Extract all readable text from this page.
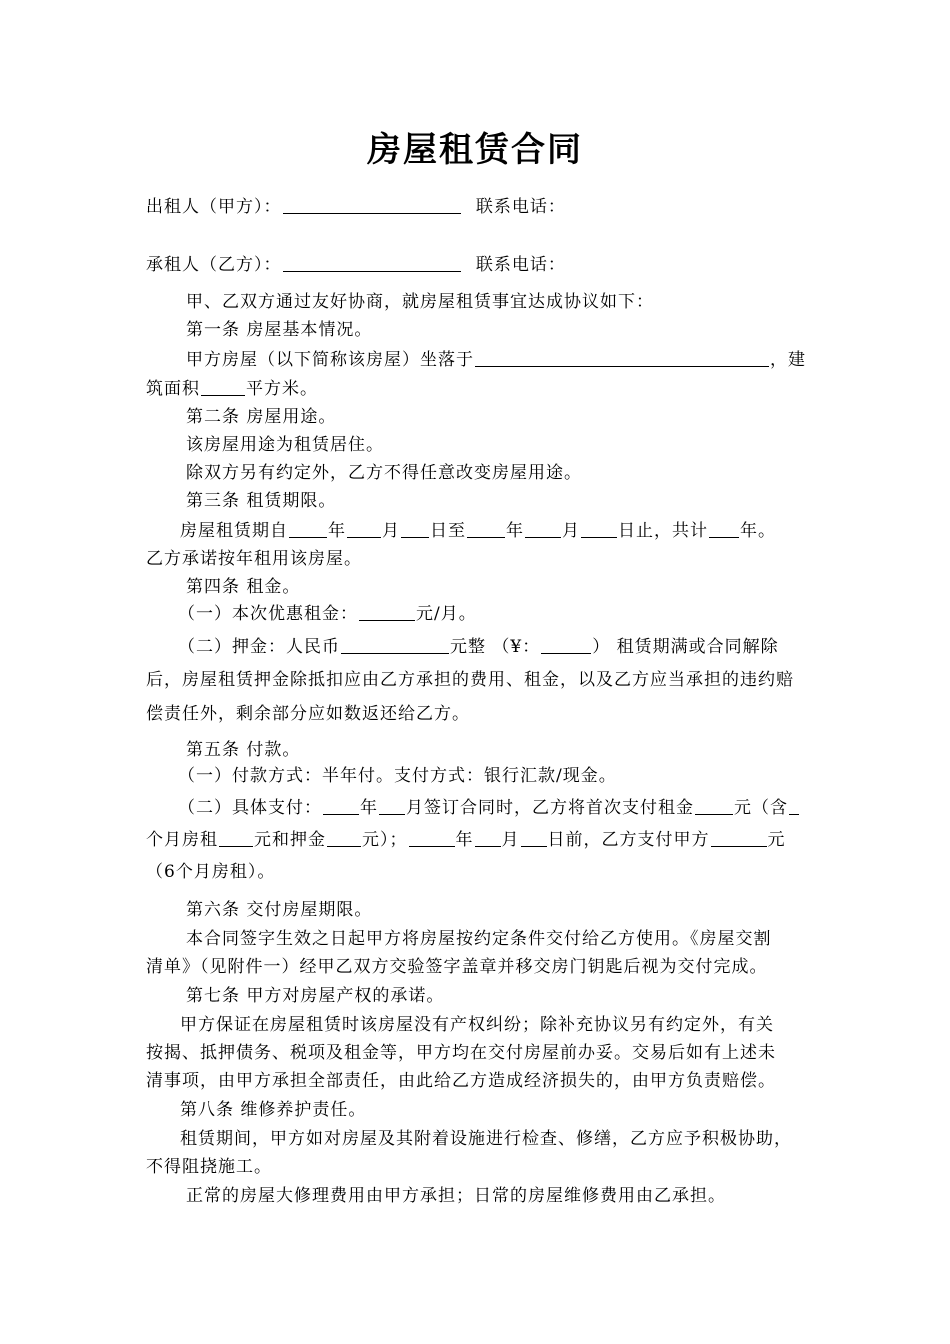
房屋租赁合同
出租人（甲方）：	联系电话：
承租人（乙方）：	联系电话：
甲、乙双方通过友好协商，就房屋租赁事宜达成协议如下：
第一条 房屋基本情况。
甲方房屋（以下简称该房屋）坐落于	，建
筑面积	平方米。
第二条 房屋用途。
该房屋用途为租赁居住。
除双方另有约定外，乙方不得任意改变房屋用途。
第三条 租赁期限。
房屋租赁期自 年 月 日至 年 月 日止，共计 年。
乙方承诺按年租用该房屋。
第四条 租金。
（一）本次优惠租金：	元/月。
（二）押金：人民币	元整 （¥：	） 租赁期满或合同解除
后，房屋租赁押金除抵扣应由乙方承担的费用、租金，以及乙方应当承担的违约赔
偿责任外，剩余部分应如数返还给乙方。
第五条 付款。
（一）付款方式：半年付。支付方式：银行汇款/现金。
（二）具体支付： 年 月签订合同时，乙方将首次支付租金 元（含
个月房租 元和押金 元）；	年 月 日前，乙方支付甲方	元
（6个月房租）。
第六条 交付房屋期限。
本合同签字生效之日起甲方将房屋按约定条件交付给乙方使用。《房屋交割
清单》（见附件一）经甲乙双方交验签字盖章并移交房门钥匙后视为交付完成。
第七条 甲方对房屋产权的承诺。
甲方保证在房屋租赁时该房屋没有产权纠纷；除补充协议另有约定外，有关
按揭、抵押债务、税项及租金等，甲方均在交付房屋前办妥。交易后如有上述未
清事项，由甲方承担全部责任，由此给乙方造成经济损失的，由甲方负责赔偿。
第八条 维修养护责任。
租赁期间，甲方如对房屋及其附着设施进行检查、修缮，乙方应予积极协助，
不得阻挠施工。
正常的房屋大修理费用由甲方承担；日常的房屋维修费用由乙承担。
